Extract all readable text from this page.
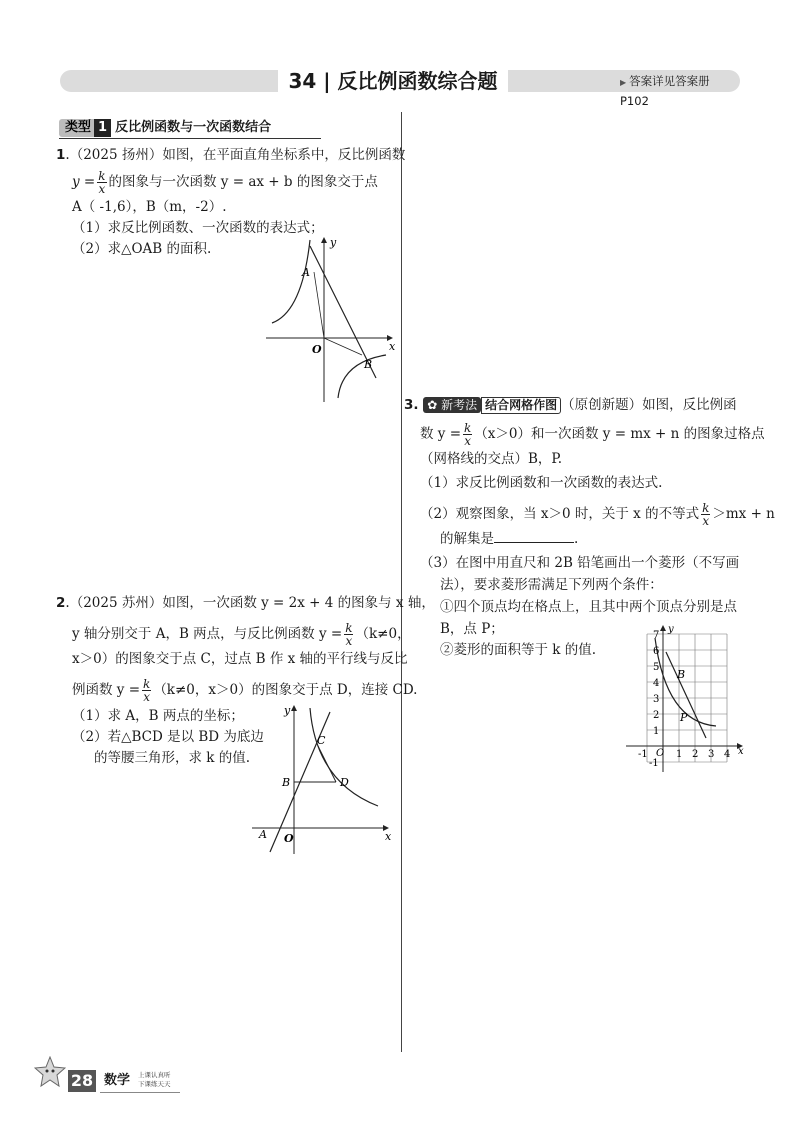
34 | 反比例函数综合题	▶ 答案详见答案册 P102
类型 1 反比例函数与一次函数结合
1.（2025 扬州）如图，在平面直角坐标系中，反比例函数
$y = \frac{k}{x}$ 的图象与一次函数 y = ax + b 的图象交于点
A（ -1,6），B（m，-2）.
（1）求反比例函数、一次函数的表达式；
（2）求△OAB 的面积.	y
x
O
A
B
2.（2025 苏州）如图，一次函数 y = 2x + 4 的图象与 x 轴，
y 轴分别交于 A，B 两点，与反比例函数 $y = \frac{k}{x} (k\ne 0$，
x＞0）的图象交于点 C，过点 B 作 x 轴的平行线与反比
例函数 $y = \frac{k}{x} (k\ne 0$，x＞0）的图象交于点 D，连接 CD.
（1）求 A，B 两点的坐标；
（2）若△BCD 是以 BD 为底边
的等腰三角形，求 k 的值.
y
x
O
A
B
C
D
3. ✿ 新考法 结合网格作图 （原创新题）如图，反比例函
数 $y = \frac{k}{x} (x>0)$和一次函数 y = mx + n 的图象过格点
（网格线的交点）B，P.
（1）求反比例函数和一次函数的表达式.
（2）观察图象，当 x＞0 时，关于 x 的不等式 $\frac{k}{x} >mx + n$
的解集是	.
（3）在图中用直尺和 2B 铅笔画出一个菱形（不写画
法），要求菱形需满足下列两个条件：
①四个顶点均在格点上，且其中两个顶点分别是点
B，点 P；
②菱形的面积等于 k 的值.
7
6
5
4
3
2
1
-1
-1	1 2 3 4
y
x
O
B
P
28 数学 上课认真听
下课练天天
